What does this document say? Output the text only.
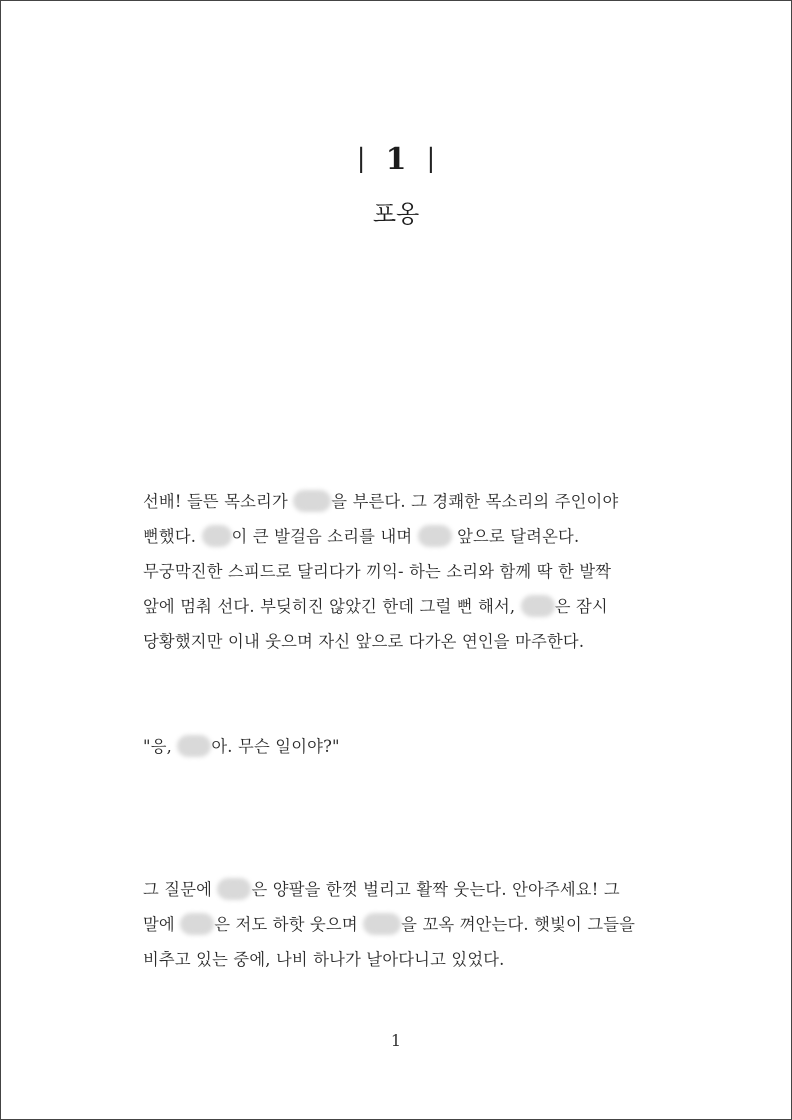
| 1 |
포옹
선배! 들뜬 목소리가 을 부른다. 그 경쾌한 목소리의 주인이야
뻔했다. 이 큰 발걸음 소리를 내며  앞으로 달려온다.
무궁막진한 스피드로 달리다가 끼익- 하는 소리와 함께 딱 한 발짝
앞에 멈춰 선다. 부딪히진 않았긴 한데 그럴 뻔 해서, 은 잠시
당황했지만 이내 웃으며 자신 앞으로 다가온 연인을 마주한다.
"응, 아. 무슨 일이야?"
그 질문에 은 양팔을 한껏 벌리고 활짝 웃는다. 안아주세요! 그
말에 은 저도 하핫 웃으며 을 꼬옥 껴안는다. 햇빛이 그들을
비추고 있는 중에, 나비 하나가 날아다니고 있었다.
1
